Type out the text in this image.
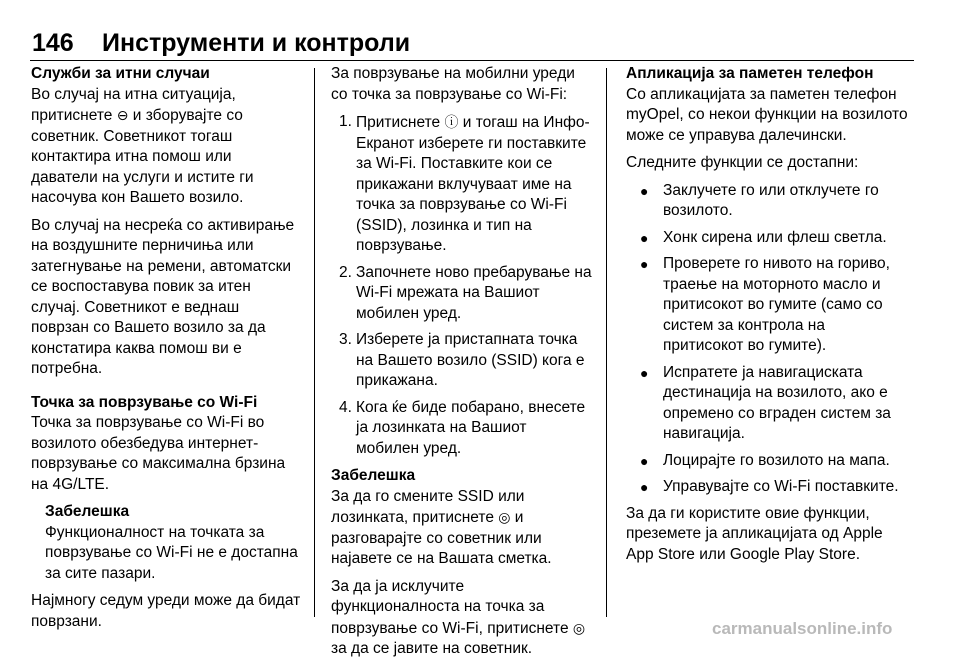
146 Инструменти и контроли

Служби за итни случаи

Во случај на итна ситуација, притиснете ⊖ и зборувајте со советник. Советникот тогаш контактира итна помош или даватели на услуги и истите ги насочува кон Вашето возило.

Во случај на несреќа со активирање на воздушните перничиња или затегнување на ремени, автоматски се воспоставува повик за итен случај. Советникот е веднаш поврзан со Вашето возило за да констатира каква помош ви е потребна.

Точка за поврзување со Wi-Fi

Точка за поврзување со Wi-Fi во возилото обезбедува интернет-поврзување со максимална брзина на 4G/LTE.

Забелешка
Функционалност на точката за поврзување со Wi-Fi не е достапна за сите пазари.

Најмногу седум уреди може да бидат поврзани.

За поврзување на мобилни уреди со точка за поврзување со Wi-Fi:

1. Притиснете ⓘ и тогаш на Инфо-Екранот изберете ги поставките за Wi-Fi. Поставките кои се прикажани вклучуваат име на точка за поврзување со Wi-Fi (SSID), лозинка и тип на поврзување.
2. Започнете ново пребарување на Wi-Fi мрежата на Вашиот мобилен уред.
3. Изберете ја пристапната точка на Вашето возило (SSID) кога е прикажана.
4. Кога ќе биде побарано, внесете ја лозинката на Вашиот мобилен уред.
Забелешка
За да го смените SSID или лозинката, притиснете ◎ и разговарајте со советник или најавете се на Вашата сметка.

За да ја исклучите функционалноста на точка за поврзување со Wi-Fi, притиснете ◎ за да се јавите на советник.

Апликација за паметен телефон

Со апликацијата за паметен телефон myOpel, со некои функции на возилото може се управува далечински.

Следните функции се достапни:

● Заклучете го или отклучете го возилото.
● Хонк сирена или флеш светла.
● Проверете го нивото на гориво, траење на моторното масло и притисокот во гумите (само со систем за контрола на притисокот во гумите).
● Испратете ја навигациската дестинација на возилото, ако е опремено со вграден систем за навигација.
● Лоцирајте го возилото на мапа.
● Управувајте со Wi-Fi поставките.

За да ги користите овие функции, преземете ја апликацијата од Apple App Store или Google Play Store.

carmanualsonline.info
